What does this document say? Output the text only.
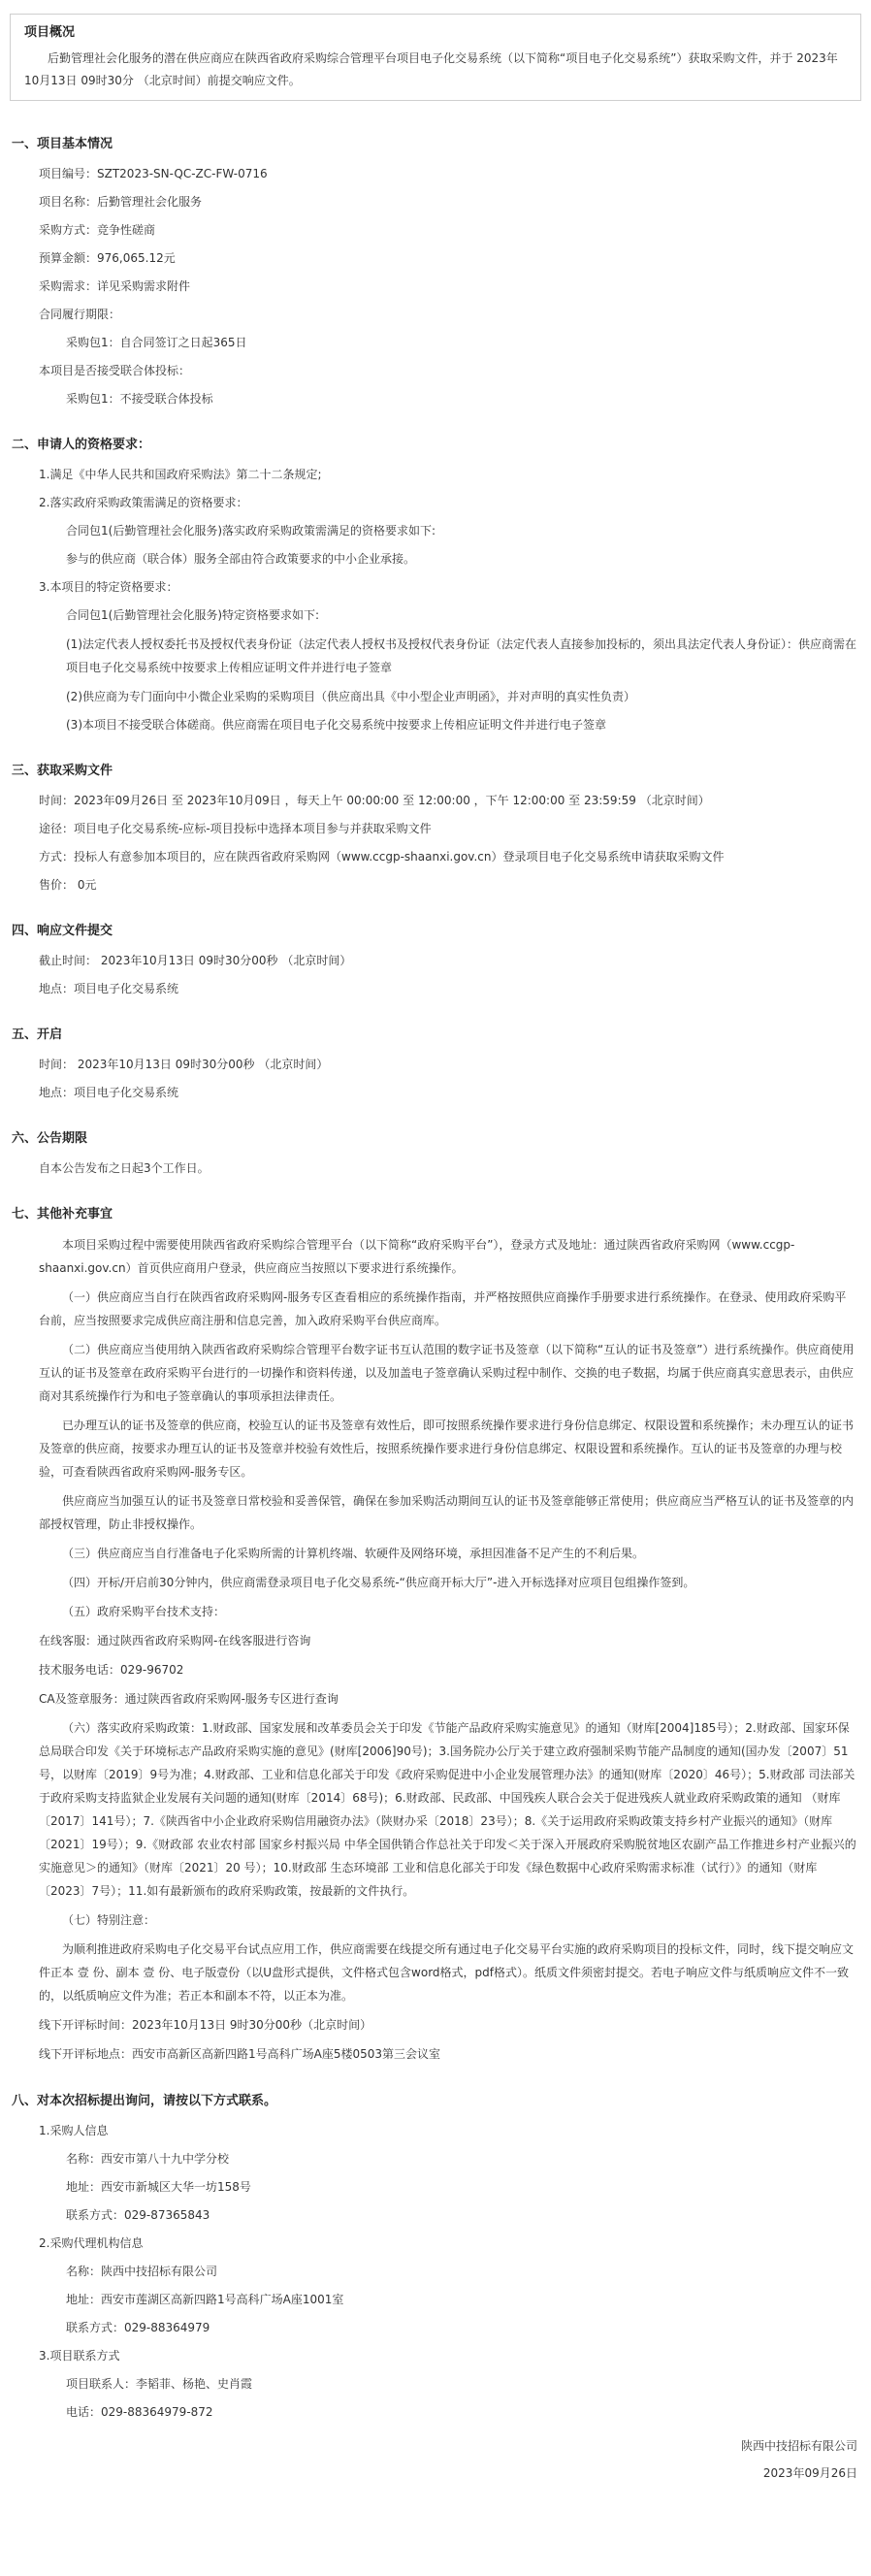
项目概况

后勤管理社会化服务的潜在供应商应在陕西省政府采购综合管理平台项目电子化交易系统（以下简称“项目电子化交易系统”）获取采购文件，并于 2023年10月13日 09时30分 （北京时间）前提交响应文件。

一、项目基本情况
项目编号：SZT2023-SN-QC-ZC-FW-0716
项目名称：后勤管理社会化服务
采购方式：竞争性磋商
预算金额：976,065.12元
采购需求：详见采购需求附件
合同履行期限：
采购包1：自合同签订之日起365日
本项目是否接受联合体投标：
采购包1：不接受联合体投标
二、申请人的资格要求：
1.满足《中华人民共和国政府采购法》第二十二条规定;
2.落实政府采购政策需满足的资格要求：
合同包1(后勤管理社会化服务)落实政府采购政策需满足的资格要求如下:
参与的供应商（联合体）服务全部由符合政策要求的中小企业承接。
3.本项目的特定资格要求：
合同包1(后勤管理社会化服务)特定资格要求如下:
(1)法定代表人授权委托书及授权代表身份证（法定代表人授权书及授权代表身份证（法定代表人直接参加投标的，须出具法定代表人身份证）：供应商需在项目电子化交易系统中按要求上传相应证明文件并进行电子签章
(2)供应商为专门面向中小微企业采购的采购项目（供应商出具《中小型企业声明函》，并对声明的真实性负责）
(3)本项目不接受联合体磋商。供应商需在项目电子化交易系统中按要求上传相应证明文件并进行电子签章
三、获取采购文件
时间：2023年09月26日 至 2023年10月09日 ，每天上午 00:00:00 至 12:00:00 ，下午 12:00:00 至 23:59:59 （北京时间）
途径：项目电子化交易系统-应标-项目投标中选择本项目参与并获取采购文件
方式：投标人有意参加本项目的，应在陕西省政府采购网（www.ccgp-shaanxi.gov.cn）登录项目电子化交易系统申请获取采购文件
售价： 0元
四、响应文件提交
截止时间： 2023年10月13日 09时30分00秒 （北京时间）
地点：项目电子化交易系统
五、开启
时间： 2023年10月13日 09时30分00秒 （北京时间）
地点：项目电子化交易系统
六、公告期限
自本公告发布之日起3个工作日。
七、其他补充事宜
本项目采购过程中需要使用陕西省政府采购综合管理平台（以下简称“政府采购平台”），登录方式及地址：通过陕西省政府采购网（www.ccgp-shaanxi.gov.cn）首页供应商用户登录，供应商应当按照以下要求进行系统操作。
（一）供应商应当自行在陕西省政府采购网-服务专区查看相应的系统操作指南，并严格按照供应商操作手册要求进行系统操作。在登录、使用政府采购平台前，应当按照要求完成供应商注册和信息完善，加入政府采购平台供应商库。
（二）供应商应当使用纳入陕西省政府采购综合管理平台数字证书互认范围的数字证书及签章（以下简称“互认的证书及签章”）进行系统操作。供应商使用互认的证书及签章在政府采购平台进行的一切操作和资料传递，以及加盖电子签章确认采购过程中制作、交换的电子数据，均属于供应商真实意思表示，由供应商对其系统操作行为和电子签章确认的事项承担法律责任。
已办理互认的证书及签章的供应商，校验互认的证书及签章有效性后，即可按照系统操作要求进行身份信息绑定、权限设置和系统操作；未办理互认的证书及签章的供应商，按要求办理互认的证书及签章并校验有效性后，按照系统操作要求进行身份信息绑定、权限设置和系统操作。互认的证书及签章的办理与校验，可查看陕西省政府采购网-服务专区。
供应商应当加强互认的证书及签章日常校验和妥善保管，确保在参加采购活动期间互认的证书及签章能够正常使用；供应商应当严格互认的证书及签章的内部授权管理，防止非授权操作。
（三）供应商应当自行准备电子化采购所需的计算机终端、软硬件及网络环境，承担因准备不足产生的不利后果。
（四）开标/开启前30分钟内，供应商需登录项目电子化交易系统-“供应商开标大厅”-进入开标选择对应项目包组操作签到。
（五）政府采购平台技术支持：
在线客服：通过陕西省政府采购网-在线客服进行咨询
技术服务电话：029-96702
CA及签章服务：通过陕西省政府采购网-服务专区进行查询
（六）落实政府采购政策：1.财政部、国家发展和改革委员会关于印发《节能产品政府采购实施意见》的通知（财库[2004]185号）；2.财政部、国家环保总局联合印发《关于环境标志产品政府采购实施的意见》(财库[2006]90号)；3.国务院办公厅关于建立政府强制采购节能产品制度的通知(国办发〔2007〕51号，以财库〔2019〕9号为准；4.财政部、工业和信息化部关于印发《政府采购促进中小企业发展管理办法》的通知(财库〔2020〕46号）；5.财政部 司法部关于政府采购支持监狱企业发展有关问题的通知(财库〔2014〕68号)；6.财政部、民政部、中国残疾人联合会关于促进残疾人就业政府采购政策的通知 （财库〔2017〕141号）；7.《陕西省中小企业政府采购信用融资办法》（陕财办采〔2018〕23号）；8.《关于运用政府采购政策支持乡村产业振兴的通知》（财库〔2021〕19号）；9.《财政部 农业农村部 国家乡村振兴局 中华全国供销合作总社关于印发＜关于深入开展政府采购脱贫地区农副产品工作推进乡村产业振兴的实施意见＞的通知》（财库〔2021〕20 号）；10.财政部 生态环境部 工业和信息化部关于印发《绿色数据中心政府采购需求标准（试行）》的通知（财库〔2023〕7号）；11.如有最新颁布的政府采购政策，按最新的文件执行。
（七）特别注意：
为顺利推进政府采购电子化交易平台试点应用工作，供应商需要在线提交所有通过电子化交易平台实施的政府采购项目的投标文件，同时，线下提交响应文件正本 壹 份、副本 壹 份、电子版壹份（以U盘形式提供，文件格式包含word格式，pdf格式）。纸质文件须密封提交。若电子响应文件与纸质响应文件不一致的，以纸质响应文件为准；若正本和副本不符，以正本为准。
线下开评标时间：2023年10月13日 9时30分00秒（北京时间）
线下开评标地点：西安市高新区高新四路1号高科广场A座5楼0503第三会议室
八、对本次招标提出询问，请按以下方式联系。
1.采购人信息
名称：西安市第八十九中学分校
地址：西安市新城区大华一坊158号
联系方式：029-87365843
2.采购代理机构信息
名称：陕西中技招标有限公司
地址：西安市莲湖区高新四路1号高科广场A座1001室
联系方式：029-88364979
3.项目联系方式
项目联系人：李韬菲、杨艳、史肖霞
电话：029-88364979-872
陕西中技招标有限公司
2023年09月26日
